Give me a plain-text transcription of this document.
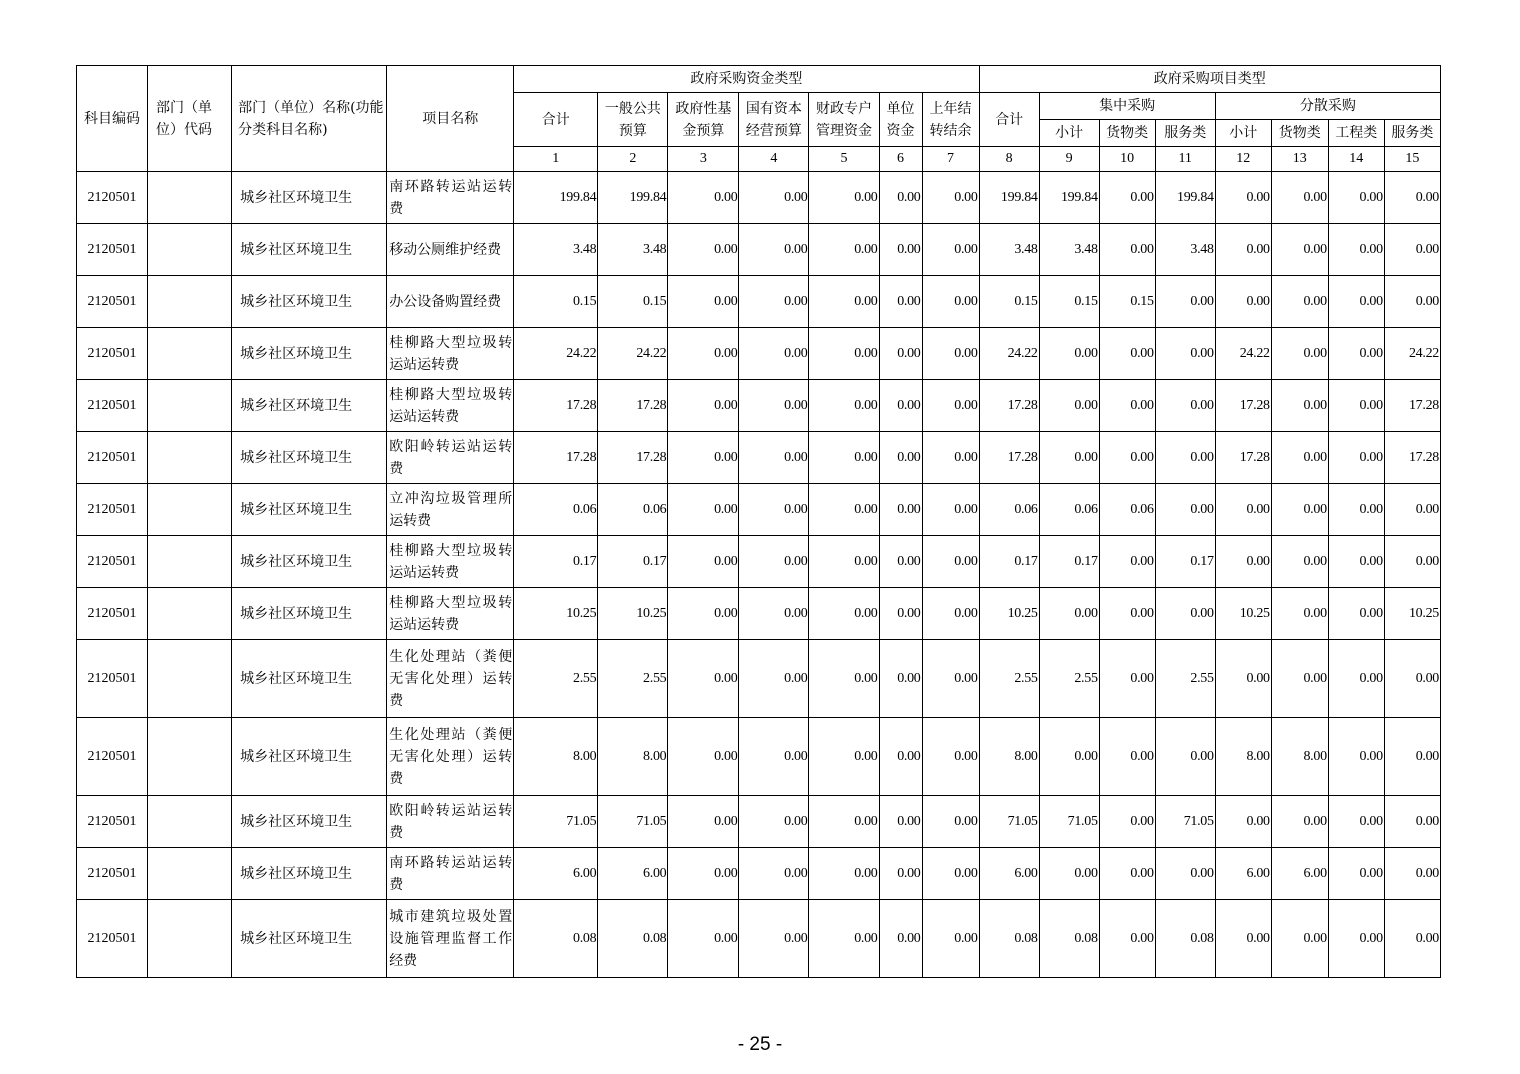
科目编码	部门（单位）代码	部门（单位）名称(功能分类科目名称)	项目名称	政府采购资金类型							政府采购项目类型							
				合计	一般公共预算	政府性基金预算	国有资本经营预算	财政专户管理资金	单位资金	上年结转结余	合计	集中采购			分散采购			
												小计	货物类	服务类	小计	货物类	工程类	服务类
				1	2	3	4	5	6	7	8	9	10	11	12	13	14	15
2120501		城乡社区环境卫生	南环路转运站运转费	199.84	199.84	0.00	0.00	0.00	0.00	0.00	199.84	199.84	0.00	199.84	0.00	0.00	0.00	0.00
2120501		城乡社区环境卫生	移动公厕维护经费	3.48	3.48	0.00	0.00	0.00	0.00	0.00	3.48	3.48	0.00	3.48	0.00	0.00	0.00	0.00
2120501		城乡社区环境卫生	办公设备购置经费	0.15	0.15	0.00	0.00	0.00	0.00	0.00	0.15	0.15	0.15	0.00	0.00	0.00	0.00	0.00
2120501		城乡社区环境卫生	桂柳路大型垃圾转运站运转费	24.22	24.22	0.00	0.00	0.00	0.00	0.00	24.22	0.00	0.00	0.00	24.22	0.00	0.00	24.22
2120501		城乡社区环境卫生	桂柳路大型垃圾转运站运转费	17.28	17.28	0.00	0.00	0.00	0.00	0.00	17.28	0.00	0.00	0.00	17.28	0.00	0.00	17.28
2120501		城乡社区环境卫生	欧阳岭转运站运转费	17.28	17.28	0.00	0.00	0.00	0.00	0.00	17.28	0.00	0.00	0.00	17.28	0.00	0.00	17.28
2120501		城乡社区环境卫生	立冲沟垃圾管理所运转费	0.06	0.06	0.00	0.00	0.00	0.00	0.00	0.06	0.06	0.06	0.00	0.00	0.00	0.00	0.00
2120501		城乡社区环境卫生	桂柳路大型垃圾转运站运转费	0.17	0.17	0.00	0.00	0.00	0.00	0.00	0.17	0.17	0.00	0.17	0.00	0.00	0.00	0.00
2120501		城乡社区环境卫生	桂柳路大型垃圾转运站运转费	10.25	10.25	0.00	0.00	0.00	0.00	0.00	10.25	0.00	0.00	0.00	10.25	0.00	0.00	10.25
2120501		城乡社区环境卫生	生化处理站（粪便无害化处理）运转费	2.55	2.55	0.00	0.00	0.00	0.00	0.00	2.55	2.55	0.00	2.55	0.00	0.00	0.00	0.00
2120501		城乡社区环境卫生	生化处理站（粪便无害化处理）运转费	8.00	8.00	0.00	0.00	0.00	0.00	0.00	8.00	0.00	0.00	0.00	8.00	8.00	0.00	0.00
2120501		城乡社区环境卫生	欧阳岭转运站运转费	71.05	71.05	0.00	0.00	0.00	0.00	0.00	71.05	71.05	0.00	71.05	0.00	0.00	0.00	0.00
2120501		城乡社区环境卫生	南环路转运站运转费	6.00	6.00	0.00	0.00	0.00	0.00	0.00	6.00	0.00	0.00	0.00	6.00	6.00	0.00	0.00
2120501		城乡社区环境卫生	城市建筑垃圾处置设施管理监督工作经费	0.08	0.08	0.00	0.00	0.00	0.00	0.00	0.08	0.08	0.00	0.08	0.00	0.00	0.00	0.00
- 25 -
